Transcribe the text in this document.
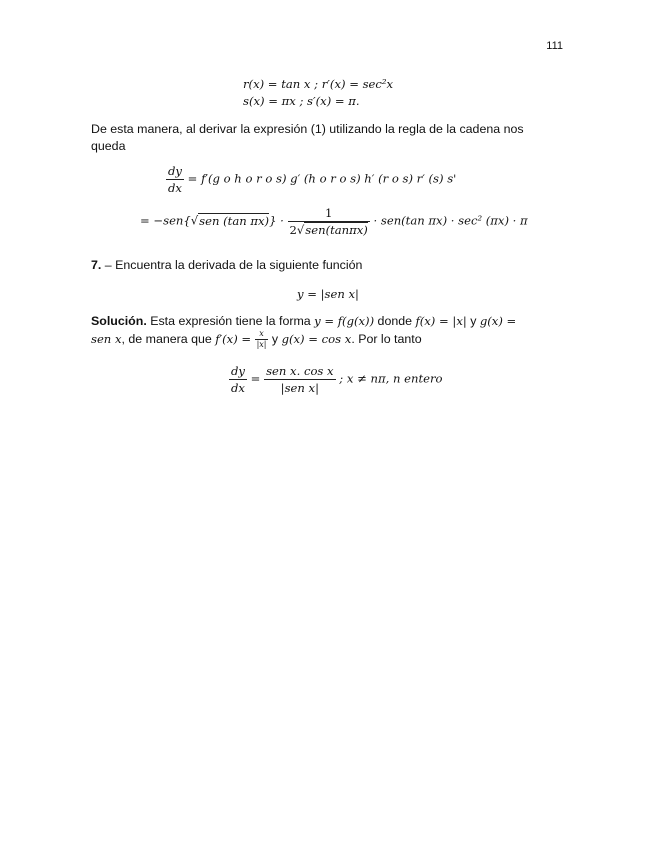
111
r(x) = tan x ; r′(x) = sec²x
s(x) = πx ; s′(x) = π.

De esta manera, al derivar la expresión (1) utilizando la regla de la cadena nos queda

$\frac{dy}{dx} = f'(g$ o h o r o s) g′ (h o r o s) h′ (r o s) r′ (s) s'
= −sen{√sen (tan $\pi x)\} \cdot \frac{1}{\text{2√sen(tanπx)}} \cdot sen(\tan$ πx) · sec² (πx) · π
7. – Encuentra la derivada de la siguiente función
y = |sen x|

Solución. Esta expresión tiene la forma y = f(g(x)) donde f(x) = |x| y g(x) =
sen x, de manera que $f'(x) = \frac{x}{|x|}$ y g(x) = cos x. Por lo tanto

$\frac{dy}{dx} = \frac{\text{sen x. cos x}}{\text{|sen x|}}$ ; x ≠ nπ, n entero
